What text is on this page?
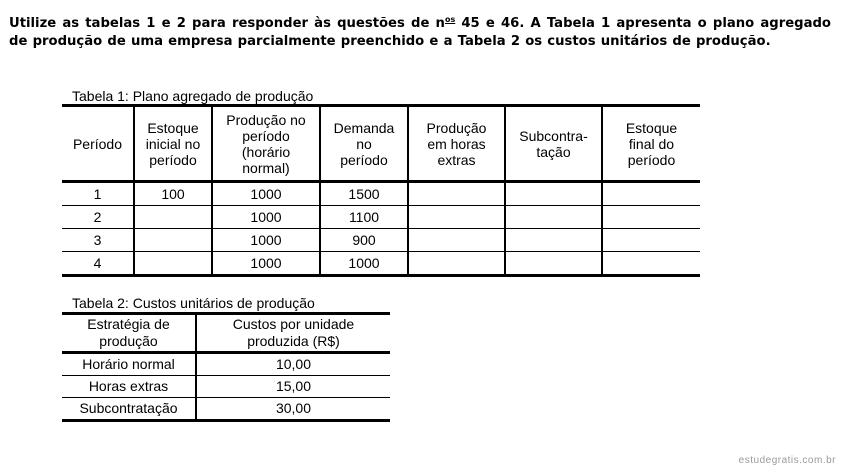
Utilize as tabelas 1 e 2 para responder às questões de $n^{os}$ 45 e 46. A Tabela 1 apresenta o plano agregado de produção de uma empresa parcialmente preenchido e a Tabela 2 os custos unitários de produção.
Tabela 1: Plano agregado de produção
Período	Estoque
inicial no
período	Produção no
período
(horário
normal)	Demanda
no
período	Produção
em horas
extras	Subcontra-
tação	Estoque
final do
período
1	100	1000	1500			
2		1000	1100			
3		1000	900			
4		1000	1000			
Tabela 2: Custos unitários de produção
Estratégia de
produção	Custos por unidade
produzida (R$)
Horário normal	10,00
Horas extras	15,00
Subcontratação	30,00
estudegratis.com.br
